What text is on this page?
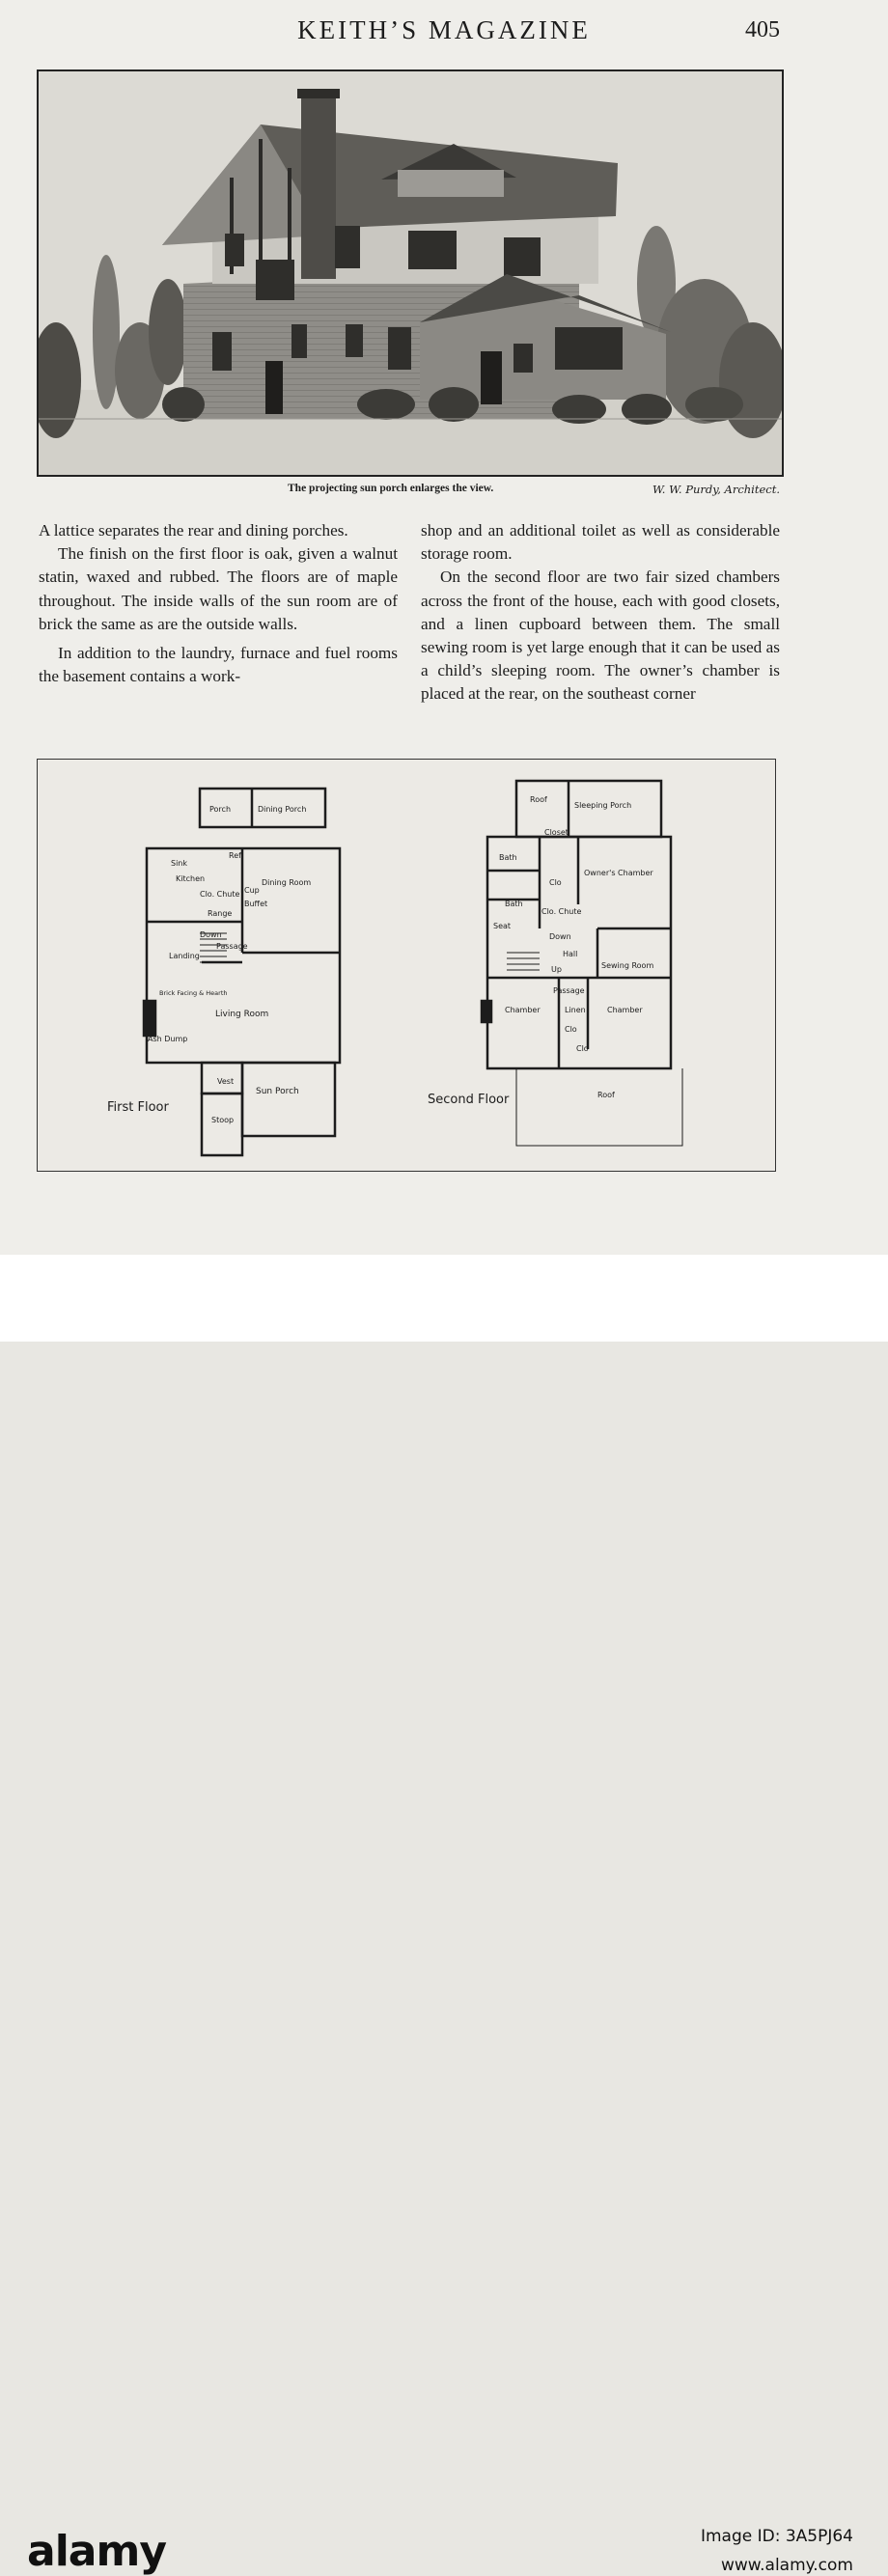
KEITH’S MAGAZINE	405
The projecting sun porch enlarges the view.	W. W. Purdy, Architect.

A lattice separates the rear and dining porches.

The finish on the first floor is oak, given a walnut statin, waxed and rubbed. The floors are of maple throughout. The inside walls of the sun room are of brick the same as are the outside walls.

In addition to the laundry, furnace and fuel rooms the basement contains a work-

shop and an additional toilet as well as considerable storage room.

On the second floor are two fair sized chambers across the front of the house, each with good closets, and a linen cupboard between them. The small sewing room is yet large enough that it can be used as a child’s sleeping room. The owner’s chamber is placed at the rear, on the southeast corner

Porch	Dining Porch
Sink
Ref
Kitchen	Dining Room
Clo. Chute Cup
Buffet
Range
Down
Passage
Landing
Brick Facing & Hearth
Ash Dump
Living Room
Vest
Sun Porch
Stoop
First Floor
Roof
Sleeping Porch
Closet
Bath
Clo
Owner's Chamber
Bath
Clo. Chute
Seat
Down
Hall
Up	Sewing Room
Passage
Chamber	Linen
Clo
Clo
Chamber
Roof
Second Floor
alamy	Image ID: 3A5PJ64
www.alamy.com
